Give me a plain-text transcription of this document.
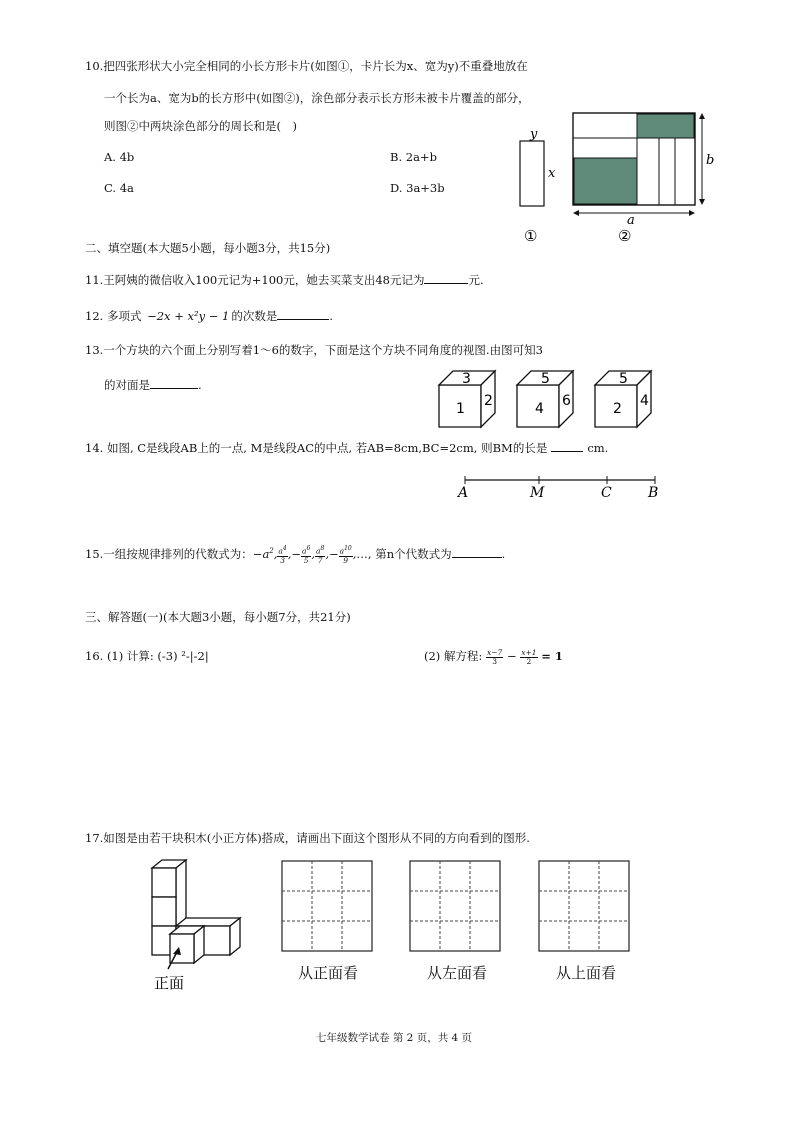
10.把四张形状大小完全相同的小长方形卡片(如图①，卡片长为x、宽为y)不重叠地放在
一个长为a、宽为b的长方形中(如图②)，涂色部分表示长方形未被卡片覆盖的部分，
则图②中两块涂色部分的周长和是(　)
A. 4b	B. 2a+b
C. 4a	D. 3a+3b
y
x
b
a
①	②
二、填空题(本大题5小题，每小题3分，共15分)
11.王阿姨的微信收入100元记为+100元，她去买菜支出48元记为	元.
12. 多项式 −2x + x²y − 1 的次数是	.
13.一个方块的六个面上分别写着1～6的数字，下面是这个方块不同角度的视图.由图可知3
的对面是	.	3
1 2
5
4 6
5
2 4
14. 如图, C是线段AB上的一点, M是线段AC的中点, 若AB=8cm,BC=2cm, 则BM的长是	cm.
A	M	C	B
15.一组按规律排列的代数式为：$-a^2$, $\frac{a^4}{3}$ ,− $\frac{a^6}{5}$ , $\frac{a^8}{7}$ ,− $\frac{a^{10}}{9}$ ,…, 第n个代数式为	.
三、解答题(一)(本大题3小题，每小题7分，共21分)
16. (1) 计算: (-3) ²-|-2|	(2) 解方程: $\frac{x-7}{3} - \frac{x+1}{2} = 1$
17.如图是由若干块积木(小正方体)搭成，请画出下面这个图形从不同的方向看到的图形.
正面
从正面看	从左面看	从上面看
七年级数学试卷 第 2 页，共 4 页
